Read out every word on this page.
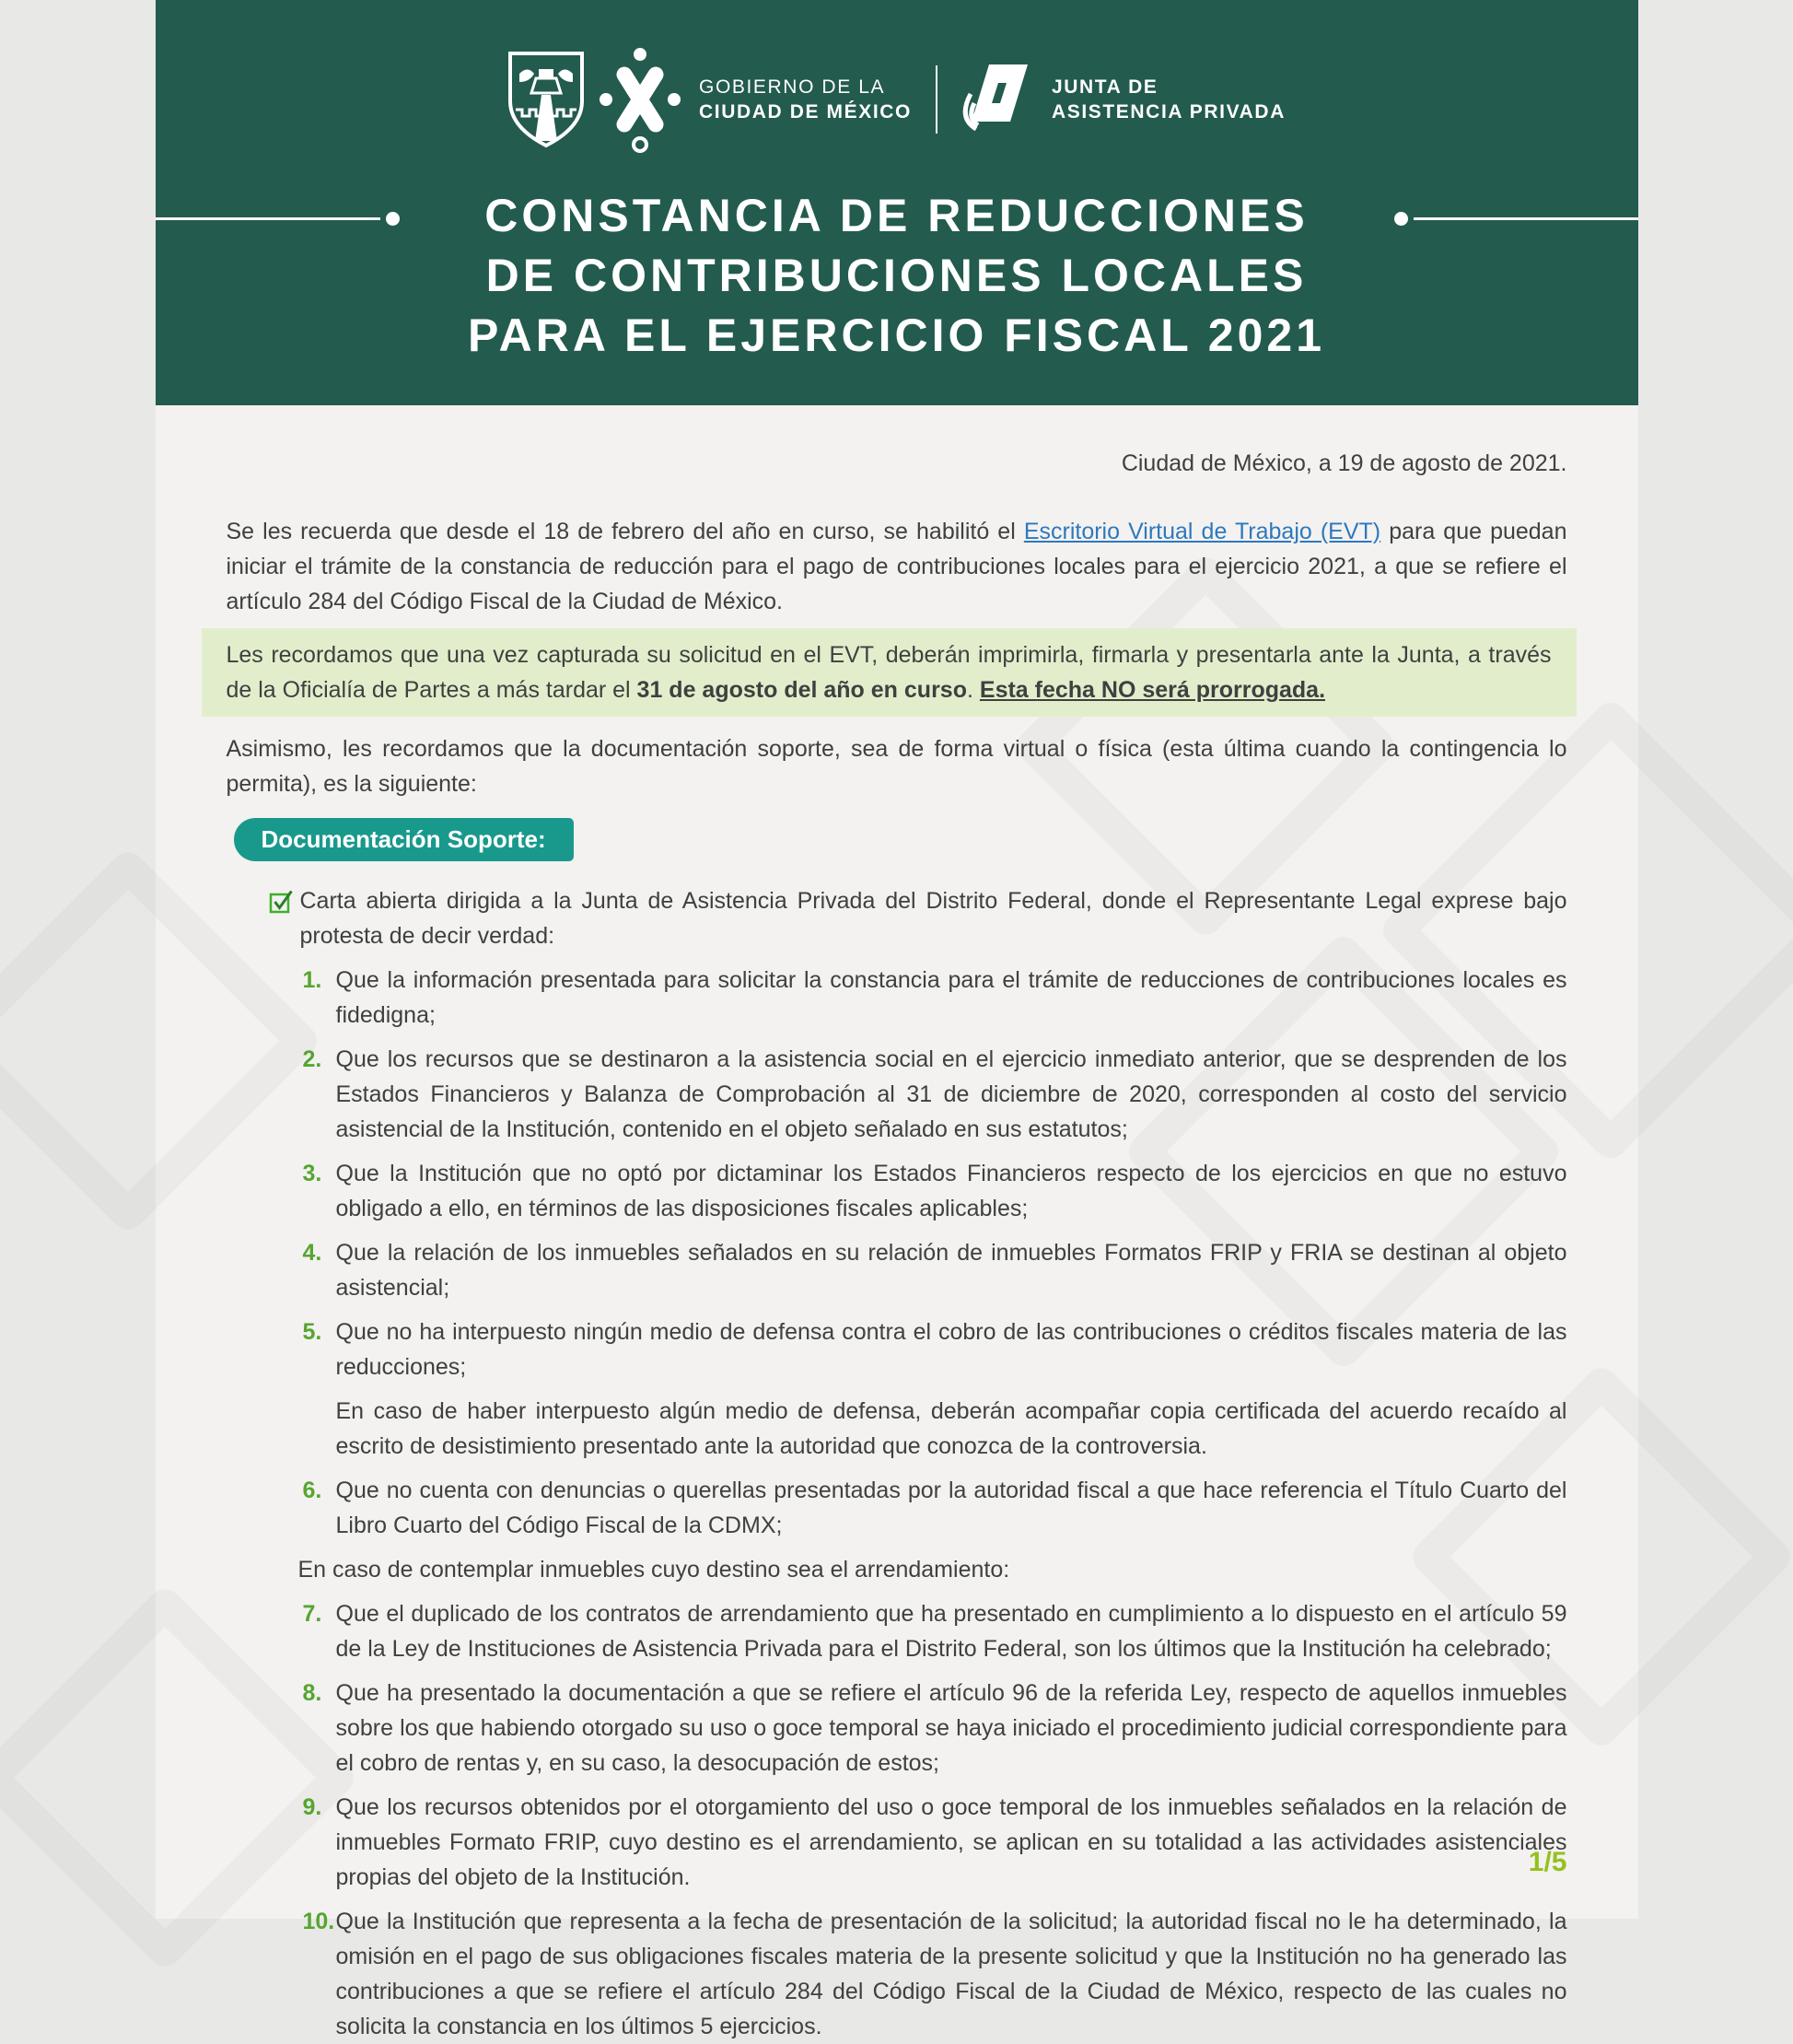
GOBIERNO DE LA
CIUDAD DE MÉXICO
JUNTA DE
ASISTENCIA PRIVADA
CONSTANCIA DE REDUCCIONES
DE CONTRIBUCIONES LOCALES
PARA EL EJERCICIO FISCAL 2021
Ciudad de México, a 19 de agosto de 2021.

Se les recuerda que desde el 18 de febrero del año en curso, se habilitó el Escritorio Virtual de Trabajo (EVT) para que puedan iniciar el trámite de la constancia de reducción para el pago de contribuciones locales para el ejercicio 2021, a que se refiere el artículo 284 del Código Fiscal de la Ciudad de México.

Les recordamos que una vez capturada su solicitud en el EVT, deberán imprimirla, firmarla y presentarla ante la Junta, a través de la Oficialía de Partes a más tardar el 31 de agosto del año en curso. Esta fecha NO será prorrogada.

Asimismo, les recordamos que la documentación soporte, sea de forma virtual o física (esta última cuando la contingencia lo permita), es la siguiente:

Documentación Soporte:
Carta abierta dirigida a la Junta de Asistencia Privada del Distrito Federal, donde el Representante Legal exprese bajo protesta de decir verdad:
1. Que la información presentada para solicitar la constancia para el trámite de reducciones de contribuciones locales es fidedigna;
2. Que los recursos que se destinaron a la asistencia social en el ejercicio inmediato anterior, que se desprenden de los Estados Financieros y Balanza de Comprobación al 31 de diciembre de 2020, corresponden al costo del servicio asistencial de la Institución, contenido en el objeto señalado en sus estatutos;
3. Que la Institución que no optó por dictaminar los Estados Financieros respecto de los ejercicios en que no estuvo obligado a ello, en términos de las disposiciones fiscales aplicables;
4. Que la relación de los inmuebles señalados en su relación de inmuebles Formatos FRIP y FRIA se destinan al objeto asistencial;
5. Que no ha interpuesto ningún medio de defensa contra el cobro de las contribuciones o créditos fiscales materia de las reducciones;
En caso de haber interpuesto algún medio de defensa, deberán acompañar copia certificada del acuerdo recaído al escrito de desistimiento presentado ante la autoridad que conozca de la controversia.
6. Que no cuenta con denuncias o querellas presentadas por la autoridad fiscal a que hace referencia el Título Cuarto del Libro Cuarto del Código Fiscal de la CDMX;
En caso de contemplar inmuebles cuyo destino sea el arrendamiento:
7. Que el duplicado de los contratos de arrendamiento que ha presentado en cumplimiento a lo dispuesto en el artículo 59 de la Ley de Instituciones de Asistencia Privada para el Distrito Federal, son los últimos que la Institución ha celebrado;
8. Que ha presentado la documentación a que se refiere el artículo 96 de la referida Ley, respecto de aquellos inmuebles sobre los que habiendo otorgado su uso o goce temporal se haya iniciado el procedimiento judicial correspondiente para el cobro de rentas y, en su caso, la desocupación de estos;
9. Que los recursos obtenidos por el otorgamiento del uso o goce temporal de los inmuebles señalados en la relación de inmuebles Formato FRIP, cuyo destino es el arrendamiento, se aplican en su totalidad a las actividades asistenciales propias del objeto de la Institución.
10. Que la Institución que representa a la fecha de presentación de la solicitud; la autoridad fiscal no le ha determinado, la omisión en el pago de sus obligaciones fiscales materia de la presente solicitud y que la Institución no ha generado las contribuciones a que se refiere el artículo 284 del Código Fiscal de la Ciudad de México, respecto de las cuales no solicita la constancia en los últimos 5 ejercicios.
1/5
